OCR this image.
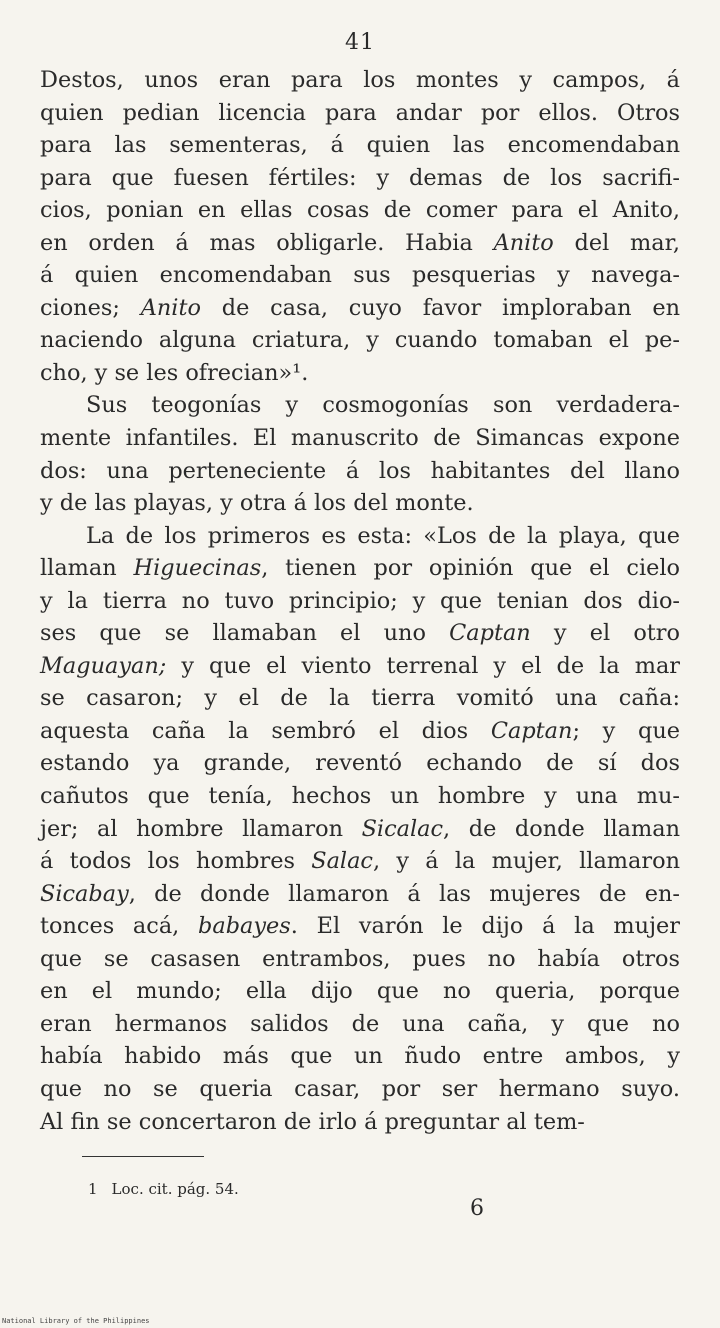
41
Destos, unos eran para los montes y campos, á
quien pedian licencia para andar por ellos. Otros
para las sementeras, á quien las encomendaban
para que fuesen fértiles: y demas de los sacrifi-
cios, ponian en ellas cosas de comer para el Anito,
en orden á mas obligarle. Habia Anito del mar,
á quien encomendaban sus pesquerias y navega-
ciones; Anito de casa, cuyo favor imploraban en
naciendo alguna criatura, y cuando tomaban el pe-
cho, y se les ofrecian»¹.
Sus teogonías y cosmogonías son verdadera-
mente infantiles. El manuscrito de Simancas expone
dos: una perteneciente á los habitantes del llano
y de las playas, y otra á los del monte.
La de los primeros es esta: «Los de la playa, que
llaman Higuecinas, tienen por opinión que el cielo
y la tierra no tuvo principio; y que tenian dos dio-
ses que se llamaban el uno Captan y el otro
Maguayan; y que el viento terrenal y el de la mar
se casaron; y el de la tierra vomitó una caña:
aquesta caña la sembró el dios Captan; y que
estando ya grande, reventó echando de sí dos
cañutos que tenía, hechos un hombre y una mu-
jer; al hombre llamaron Sicalac, de donde llaman
á todos los hombres Salac, y á la mujer, llamaron
Sicabay, de donde llamaron á las mujeres de en-
tonces acá, babayes. El varón le dijo á la mujer
que se casasen entrambos, pues no había otros
en el mundo; ella dijo que no queria, porque
eran hermanos salidos de una caña, y que no
había habido más que un ñudo entre ambos, y
que no se queria casar, por ser hermano suyo.
Al fin se concertaron de irlo á preguntar al tem-
1 Loc. cit. pág. 54.
6
National Library of the Philippines
